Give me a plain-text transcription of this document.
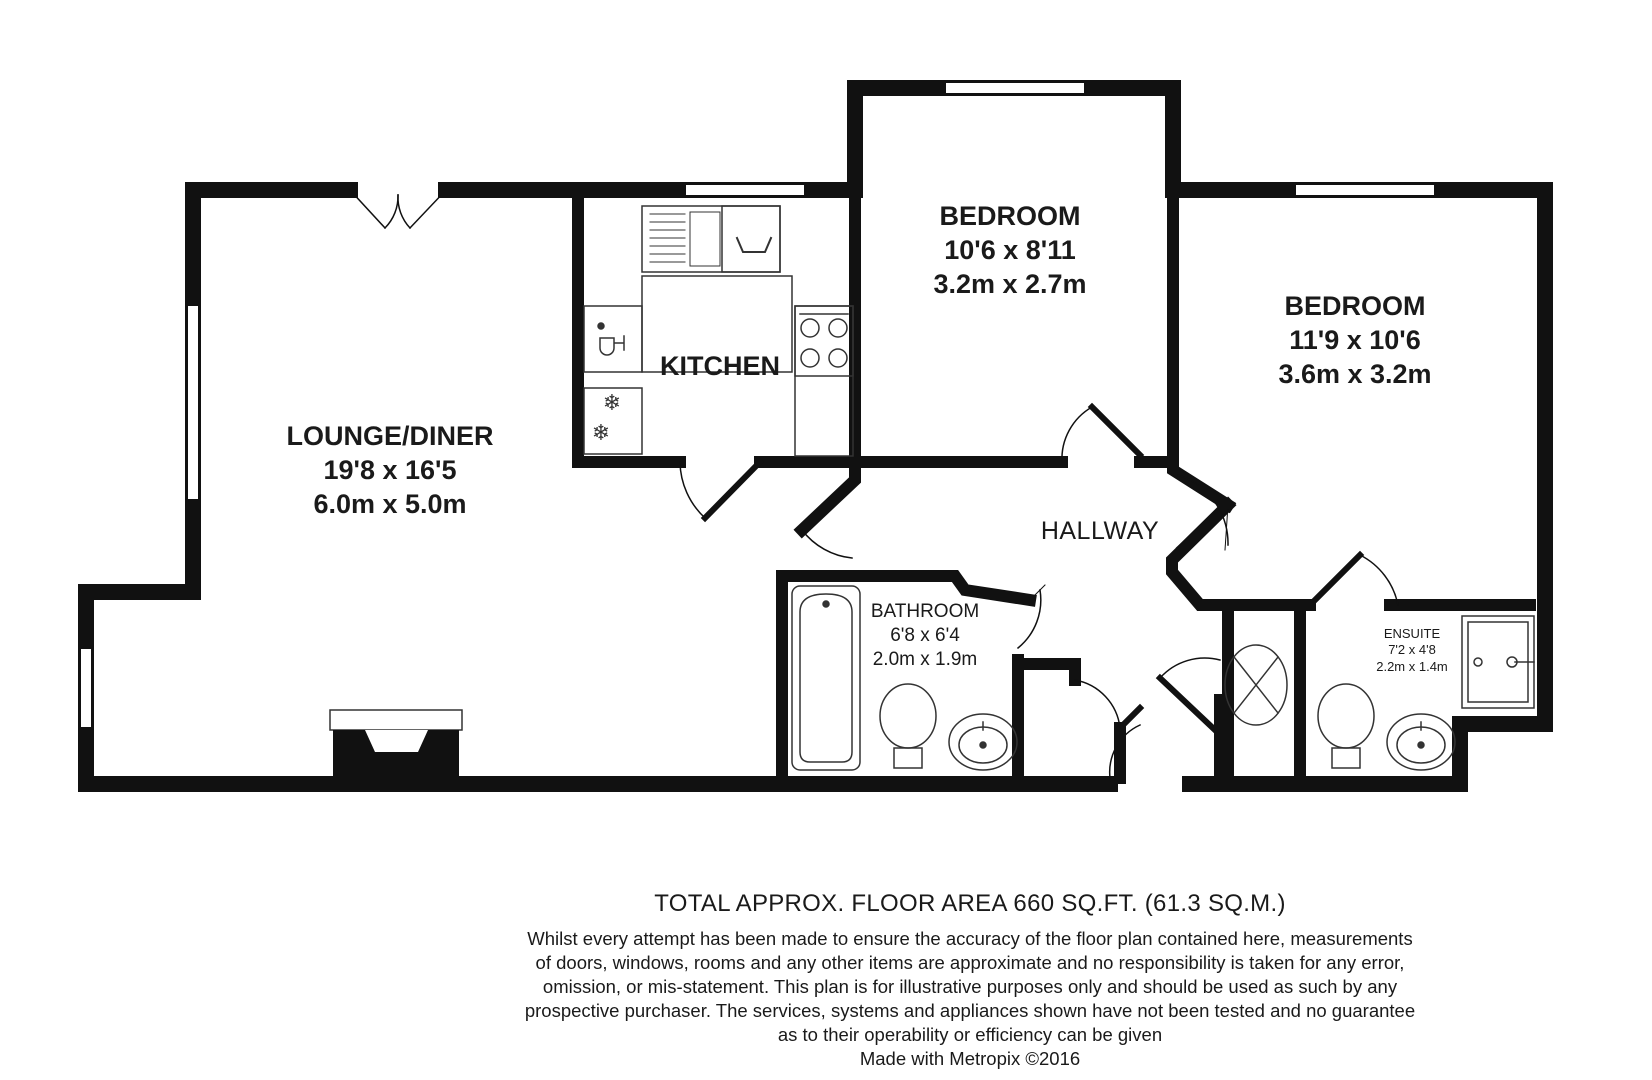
❄
❄
LOUNGE/DINER
19'8 x 16'5
6.0m x 5.0m
KITCHEN
BEDROOM
10'6 x 8'11
3.2m x 2.7m
BEDROOM
11'9 x 10'6
3.6m x 3.2m
HALLWAY
BATHROOM
6'8 x 6'4
2.0m x 1.9m
ENSUITE
7'2 x 4'8
2.2m x 1.4m
TOTAL APPROX. FLOOR AREA 660 SQ.FT. (61.3 SQ.M.)
Whilst every attempt has been made to ensure the accuracy of the floor plan contained here, measurements
of doors, windows, rooms and any other items are approximate and no responsibility is taken for any error,
omission, or mis-statement. This plan is for illustrative purposes only and should be used as such by any
prospective purchaser. The services, systems and appliances shown have not been tested and no guarantee
as to their operability or efficiency can be given
Made with Metropix ©2016
